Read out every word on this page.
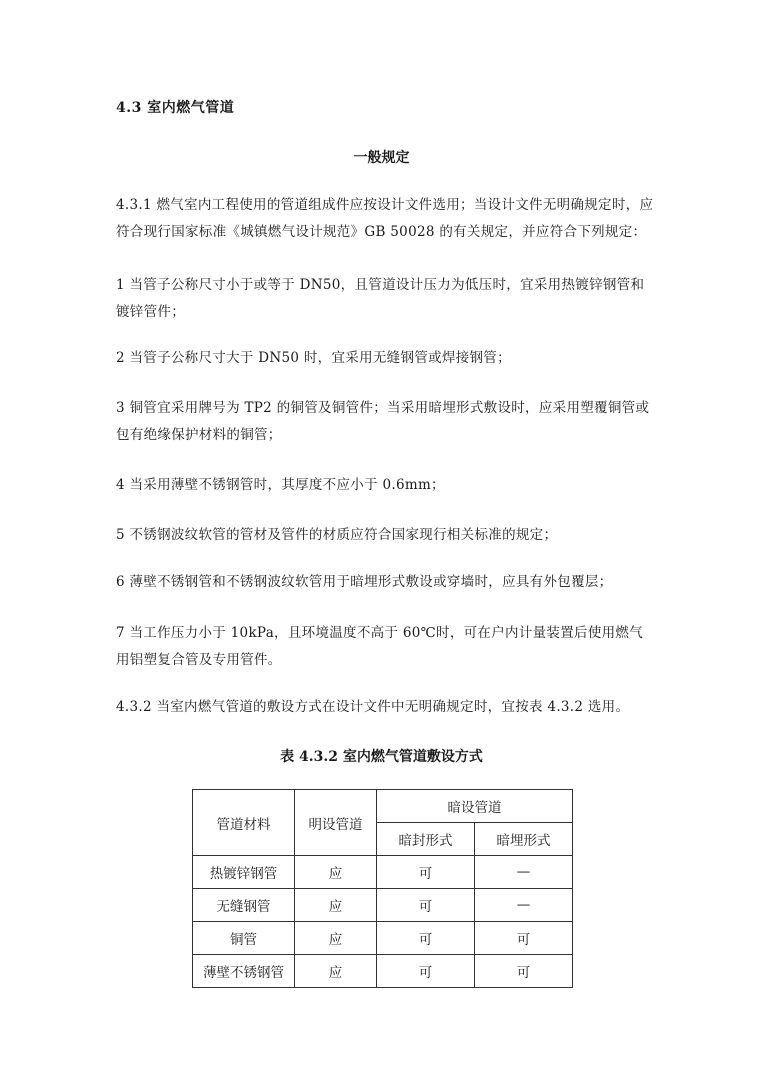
4.3 室内燃气管道
一般规定

4.3.1 燃气室内工程使用的管道组成件应按设计文件选用；当设计文件无明确规定时，应符合现行国家标准《城镇燃气设计规范》GB 50028 的有关规定，并应符合下列规定：

1 当管子公称尺寸小于或等于 DN50，且管道设计压力为低压时，宜采用热镀锌钢管和镀锌管件；

2 当管子公称尺寸大于 DN50 时，宜采用无缝钢管或焊接钢管；

3 铜管宜采用牌号为 TP2 的铜管及铜管件；当采用暗埋形式敷设时，应采用塑覆铜管或包有绝缘保护材料的铜管；

4 当采用薄壁不锈钢管时，其厚度不应小于 0.6mm；

5 不锈钢波纹软管的管材及管件的材质应符合国家现行相关标准的规定；

6 薄壁不锈钢管和不锈钢波纹软管用于暗埋形式敷设或穿墙时，应具有外包覆层；

7 当工作压力小于 10kPa，且环境温度不高于 60℃时，可在户内计量装置后使用燃气用铝塑复合管及专用管件。

4.3.2 当室内燃气管道的敷设方式在设计文件中无明确规定时，宜按表 4.3.2 选用。

表 4.3.2 室内燃气管道敷设方式
管道材料	明设管道	暗设管道	
		暗封形式	暗埋形式
热镀锌钢管	应	可	—
无缝钢管	应	可	—
铜管	应	可	可
薄壁不锈钢管	应	可	可
